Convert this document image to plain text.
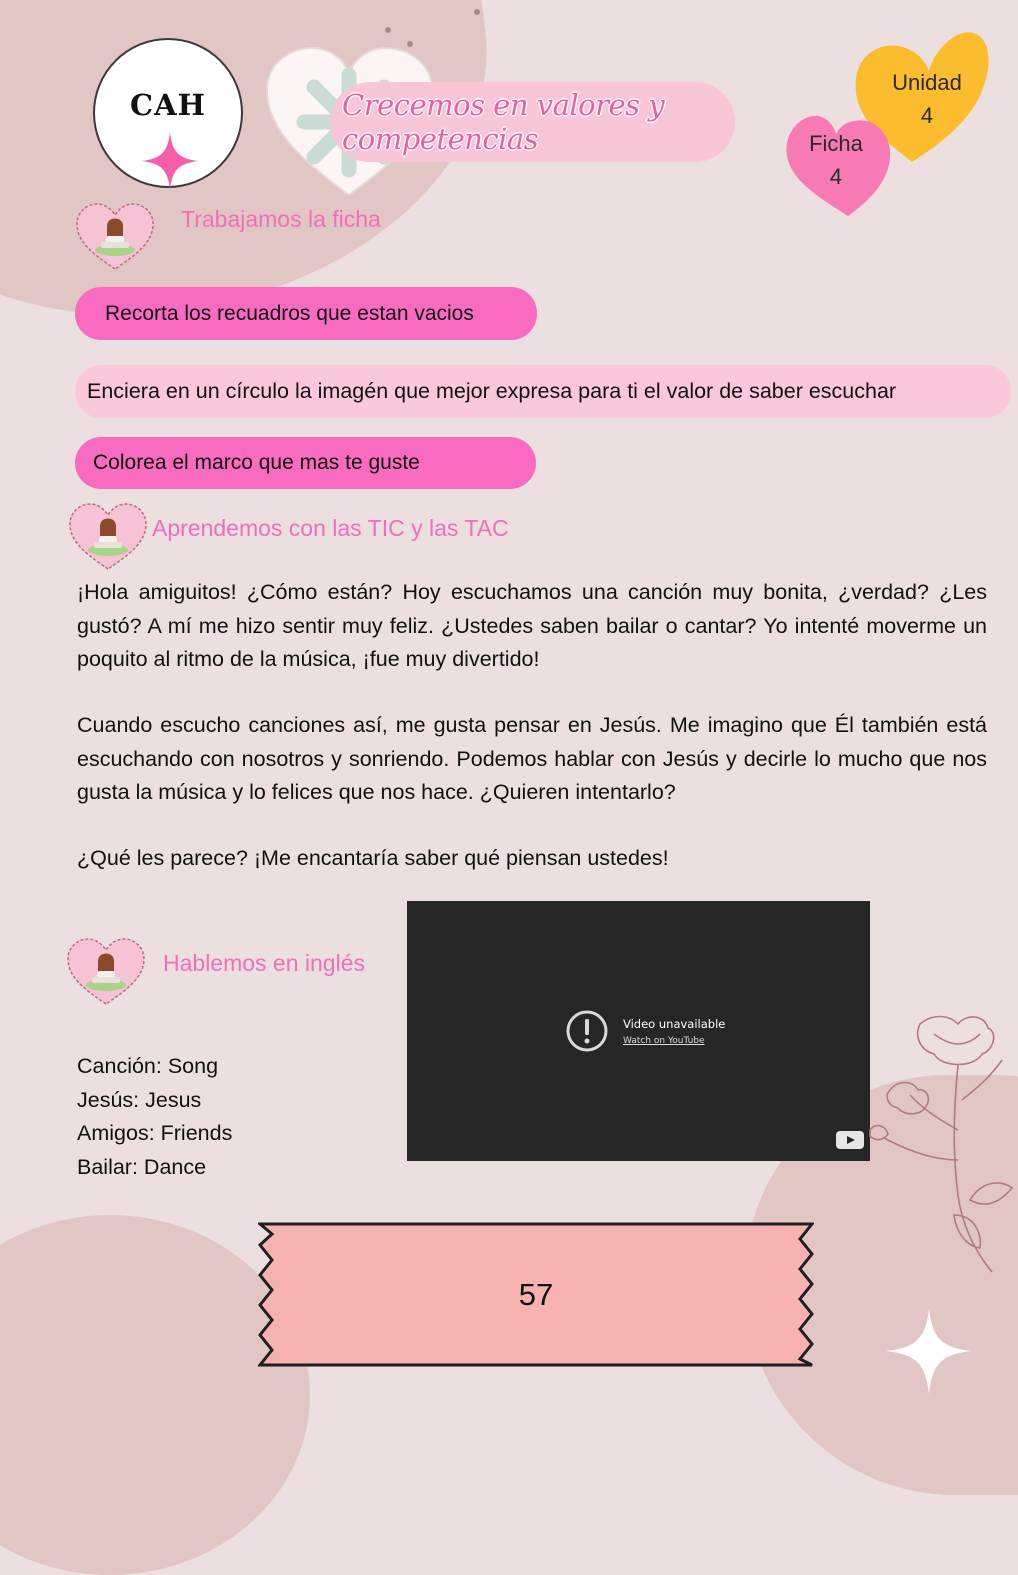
CAH	Crecemos en valores y competencias
Unidad
4
Ficha
4
Trabajamos la ficha
Recorta los recuadros que estan vacios
Enciera en un círculo la imagén que mejor expresa para ti el valor de saber escuchar
Colorea el marco que mas te guste
Aprendemos con las TIC y las TAC

¡Hola amiguitos! ¿Cómo están? Hoy escuchamos una canción muy bonita, ¿verdad? ¿Les gustó? A mí me hizo sentir muy feliz. ¿Ustedes saben bailar o cantar? Yo intenté moverme un poquito al ritmo de la música, ¡fue muy divertido!

Cuando escucho canciones así, me gusta pensar en Jesús. Me imagino que Él también está escuchando con nosotros y sonriendo. Podemos hablar con Jesús y decirle lo mucho que nos gusta la música y lo felices que nos hace. ¿Quieren intentarlo?

¿Qué les parece? ¡Me encantaría saber qué piensan ustedes!

Hablemos en inglés
Canción: Song
Jesús: Jesus
Amigos: Friends
Bailar: Dance
Video unavailable
Watch on YouTube
57
